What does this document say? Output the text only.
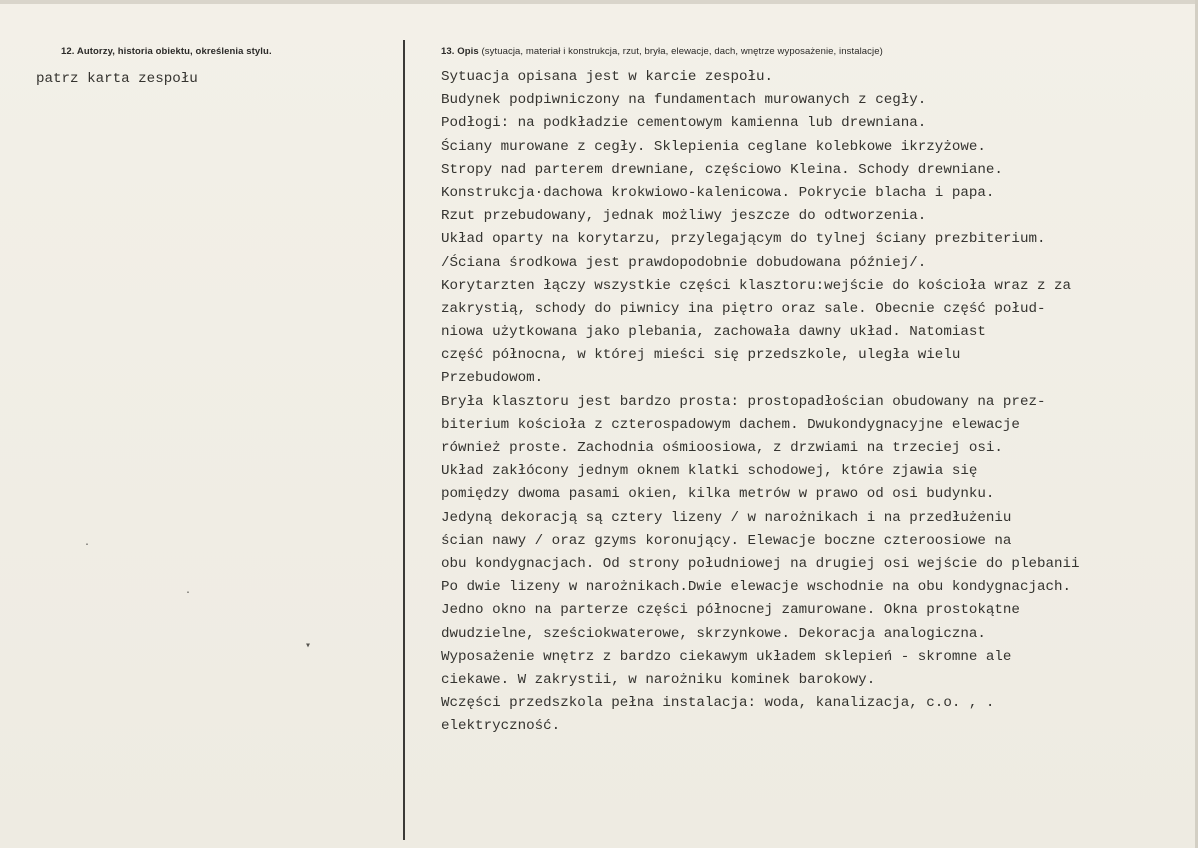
12. Autorzy, historia obiektu, określenia stylu.
patrz karta zespołu
13. Opis (sytuacja, materiał i konstrukcja, rzut, bryła, elewacje, dach, wnętrze wyposażenie, instalacje)
Sytuacja opisana jest w karcie zespołu.
Budynek podpiwniczony na fundamentach murowanych z cegły.
Podłogi: na podkładzie cementowym kamienna lub drewniana.
Ściany murowane z cegły. Sklepienia ceglane kolebkowe ikrzyżowe.
Stropy nad parterem drewniane, częściowo Kleina. Schody drewniane.
Konstrukcja·dachowa krokwiowo-kalenicowa. Pokrycie blacha i papa.
Rzut przebudowany, jednak możliwy jeszcze do odtworzenia.
Układ oparty na korytarzu, przylegającym do tylnej ściany prezbiterium.
/Ściana środkowa jest prawdopodobnie dobudowana później/.
Korytarzten łączy wszystkie części klasztoru:wejście do kościoła wraz z za
zakrystią, schody do piwnicy ina piętro oraz sale. Obecnie część połud-
niowa użytkowana jako plebania, zachowała dawny układ. Natomiast
część północna, w której mieści się przedszkole, uległa wielu
Przebudowom.
Bryła klasztoru jest bardzo prosta: prostopadłościan obudowany na prez-
biterium kościoła z czterospadowym dachem. Dwukondygnacyjne elewacje
również proste. Zachodnia ośmioosiowa, z drzwiami na trzeciej osi.
Układ zakłócony jednym oknem klatki schodowej, które zjawia się
pomiędzy dwoma pasami okien, kilka metrów w prawo od osi budynku.
Jedyną dekoracją są cztery lizeny / w narożnikach i na przedłużeniu
ścian nawy / oraz gzyms koronujący. Elewacje boczne czteroosiowe na
obu kondygnacjach. Od strony południowej na drugiej osi wejście do plebanii
Po dwie lizeny w narożnikach.Dwie elewacje wschodnie na obu kondygnacjach.
Jedno okno na parterze części północnej zamurowane. Okna prostokątne
dwudzielne, sześciokwaterowe, skrzynkowe. Dekoracja analogiczna.
Wyposażenie wnętrz z bardzo ciekawym układem sklepień - skromne ale
ciekawe. W zakrystii, w narożniku kominek barokowy.
Wczęści przedszkola pełna instalacja: woda, kanalizacja, c.o. , .
elektryczność.
·
·
▾
